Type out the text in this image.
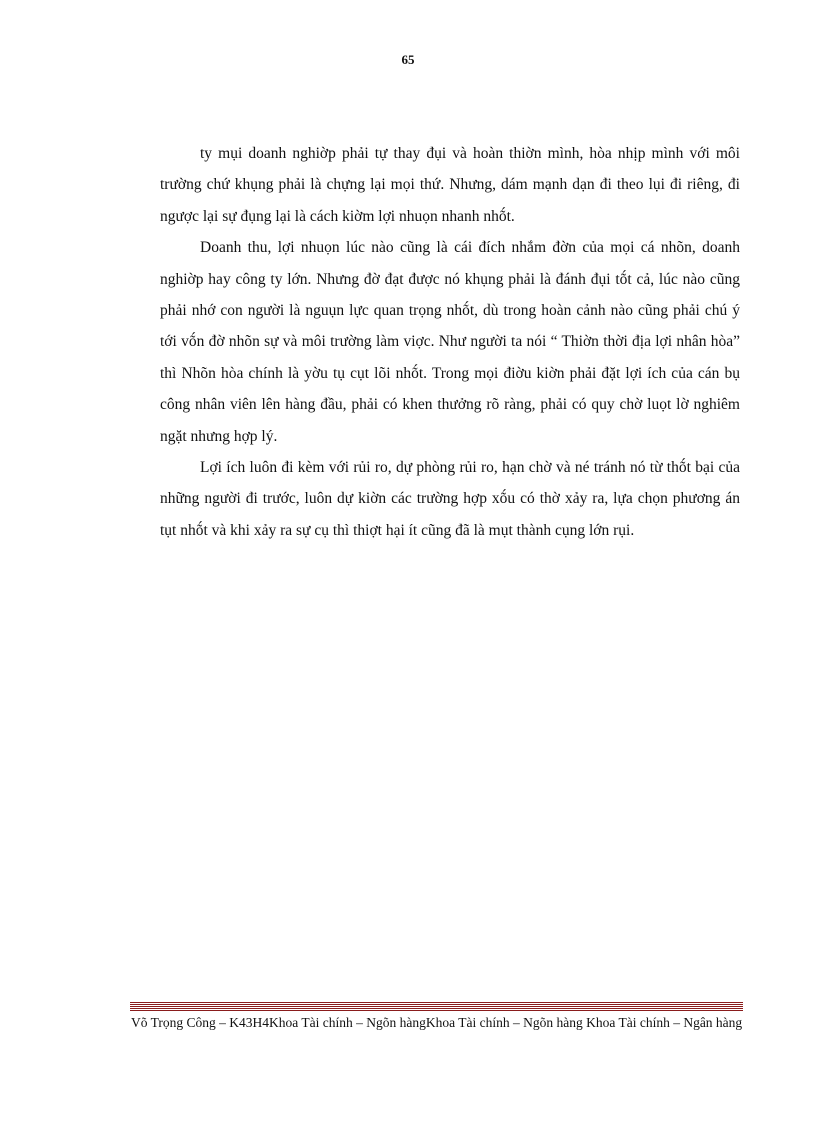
65

ty mụi doanh nghiờp phải tự thay đụi và hoàn thiờn mình, hòa nhịp mình với môi trường chứ khụng phải là chựng lại mọi thứ. Nhưng, dám mạnh dạn đi theo lụi đi riêng, đi ngược lại sự đụng lại là cách kiờm lợi nhuọn nhanh nhṍt.

Doanh thu, lợi nhuọn lúc nào cũng là cái đích nhắm đờn của mọi cá nhõn, doanh nghiờp hay công ty lớn. Nhưng đờ đạt được nó khụng phải là đánh đụi tṍt cả, lúc nào cũng phải nhớ con người là nguụn lực quan trọng nhṍt, dù trong hoàn cảnh nào cũng phải chú ý tới vṍn đờ nhõn sự và môi trường làm viợc. Như người ta nói “ Thiờn thời địa lợi nhân hòa” thì Nhõn hòa chính là yờu tụ cụt lõi nhṍt. Trong mọi điờu kiờn phải đặt lợi ích của cán bụ công nhân viên lên hàng đầu, phải có khen thưởng rõ ràng, phải có quy chờ luọt lờ nghiêm ngặt nhưng hợp lý.

Lợi ích luôn đi kèm với rủi ro, dự phòng rủi ro, hạn chờ và né tránh nó từ thṍt bại của những người đi trước, luôn dự kiờn các trường hợp xṍu có thờ xảy ra, lựa chọn phương án tụt nhṍt và khi xảy ra sự cụ thì thiợt hại ít cũng đã là mụt thành cụng lớn rụi.

Võ Trọng Công – K43H4Khoa Tài chính – Ngõn hàngKhoa Tài chính – Ngõn hàng Khoa Tài chính – Ngân hàng
